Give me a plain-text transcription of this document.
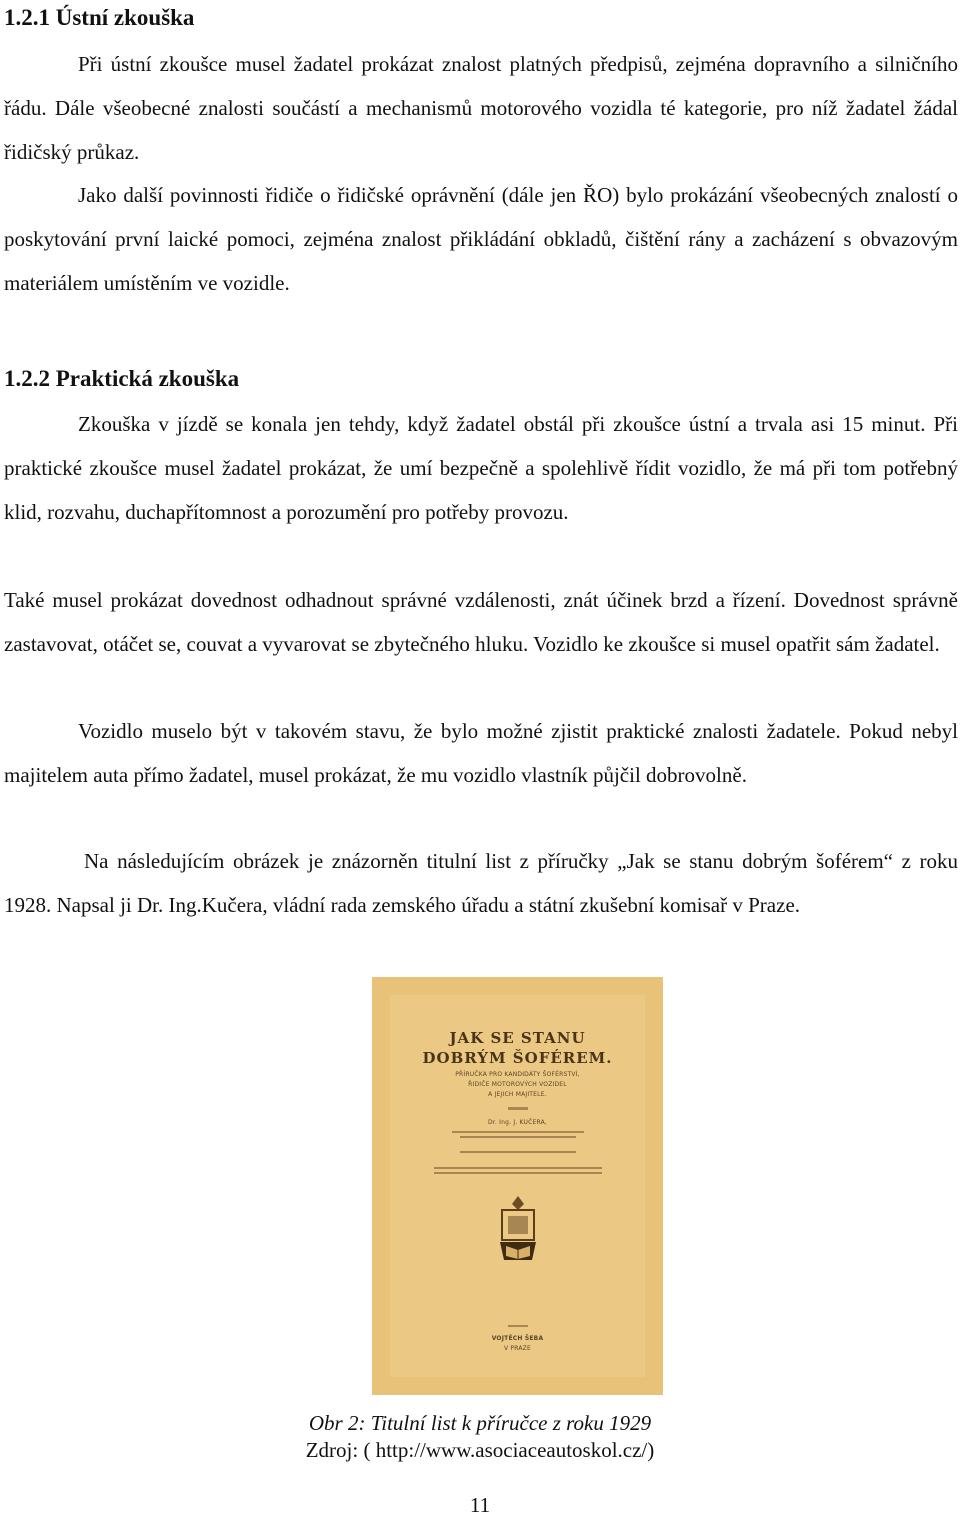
1.2.1 Ústní zkouška

Při ústní zkoušce musel žadatel prokázat znalost platných předpisů, zejména dopravního a silničního řádu. Dále všeobecné znalosti součástí a mechanismů motorového vozidla té kategorie, pro níž žadatel žádal řidičský průkaz.

Jako další povinnosti řidiče o řidičské oprávnění (dále jen ŘO) bylo prokázání všeobecných znalostí o poskytování první laické pomoci, zejména znalost přikládání obkladů, čištění rány a zacházení s obvazovým materiálem umístěním ve vozidle.

1.2.2 Praktická zkouška

Zkouška v jízdě se konala jen tehdy, když žadatel obstál při zkoušce ústní a trvala asi 15 minut. Při praktické zkoušce musel žadatel prokázat, že umí bezpečně a spolehlivě řídit vozidlo, že má při tom potřebný klid, rozvahu, duchapřítomnost a porozumění pro potřeby provozu.

Také musel prokázat dovednost odhadnout správné vzdálenosti, znát účinek brzd a řízení. Dovednost správně zastavovat, otáčet se, couvat a vyvarovat se zbytečného hluku. Vozidlo ke zkoušce si musel opatřit sám žadatel.

Vozidlo muselo být v takovém stavu, že bylo možné zjistit praktické znalosti žadatele. Pokud nebyl majitelem auta přímo žadatel, musel prokázat, že mu vozidlo vlastník půjčil dobrovolně.

Na následujícím obrázek je znázorněn titulní list z příručky „Jak se stanu dobrým šoférem“ z roku 1928. Napsal ji Dr. Ing.Kučera, vládní rada zemského úřadu a státní zkušební komisař v Praze.

JAK SE STANU

DOBRÝM ŠOFÉREM.

PŘÍRUČKA PRO KANDIDÁTY ŠOFÉRSTVÍ,

ŘIDIČE MOTOROVÝCH VOZIDEL

A JEJICH MAJITELE.

Dr. Ing. J. KUČERA,

VOJTĚCH ŠEBA

V PRAZE

Obr 2: Titulní list k příručce z roku 1929

Zdroj: ( http://www.asociaceautoskol.cz/)

11
